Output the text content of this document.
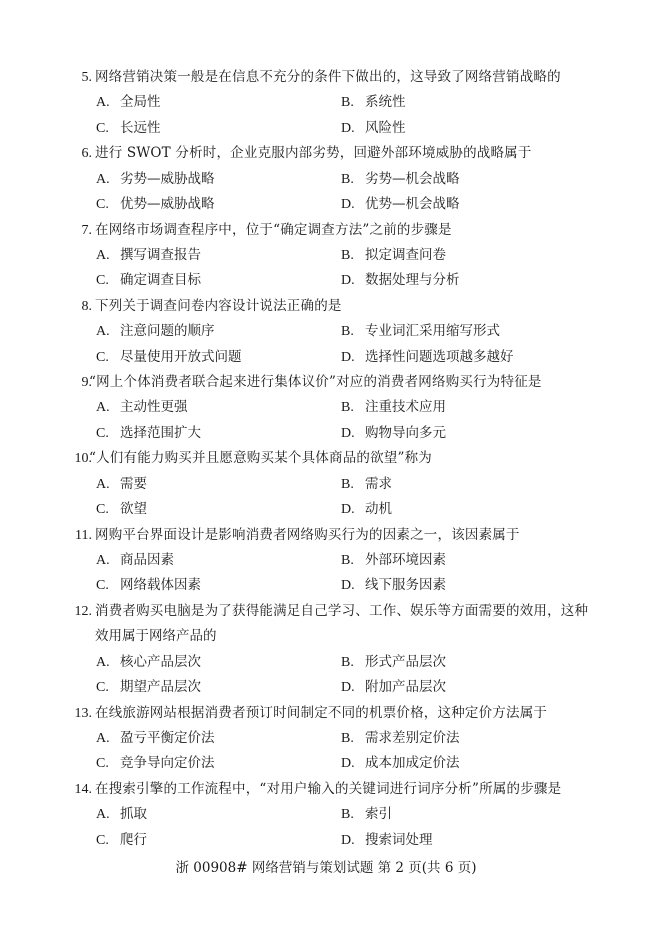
5. 网络营销决策一般是在信息不充分的条件下做出的，这导致了网络营销战略的
A. 全局性	B. 系统性
C. 长远性	D. 风险性
6. 进行 SWOT 分析时，企业克服内部劣势，回避外部环境威胁的战略属于
A. 劣势—威胁战略	B. 劣势—机会战略
C. 优势—威胁战略	D. 优势—机会战略
7. 在网络市场调查程序中，位于“确定调查方法”之前的步骤是
A. 撰写调查报告	B. 拟定调查问卷
C. 确定调查目标	D. 数据处理与分析
8. 下列关于调查问卷内容设计说法正确的是
A. 注意问题的顺序	B. 专业词汇采用缩写形式
C. 尽量使用开放式问题	D. 选择性问题选项越多越好
9.
“网上个体消费者联合起来进行集体议价”对应的消费者网络购买行为特征是
A. 主动性更强	B. 注重技术应用
C. 选择范围扩大	D. 购物导向多元
10.
“人们有能力购买并且愿意购买某个具体商品的欲望”称为
A. 需要	B. 需求
C. 欲望	D. 动机
11. 网购平台界面设计是影响消费者网络购买行为的因素之一，该因素属于
A. 商品因素	B. 外部环境因素
C. 网络载体因素	D. 线下服务因素
12. 消费者购买电脑是为了获得能满足自己学习、工作、娱乐等方面需要的效用，这种
效用属于网络产品的
A. 核心产品层次	B. 形式产品层次
C. 期望产品层次	D. 附加产品层次
13. 在线旅游网站根据消费者预订时间制定不同的机票价格，这种定价方法属于
A. 盈亏平衡定价法	B. 需求差别定价法
C. 竞争导向定价法	D. 成本加成定价法
14. 在搜索引擎的工作流程中，“对用户输入的关键词进行词序分析”所属的步骤是
A. 抓取	B. 索引
C. 爬行	D. 搜索词处理
浙 00908# 网络营销与策划试题 第 2 页(共 6 页)
